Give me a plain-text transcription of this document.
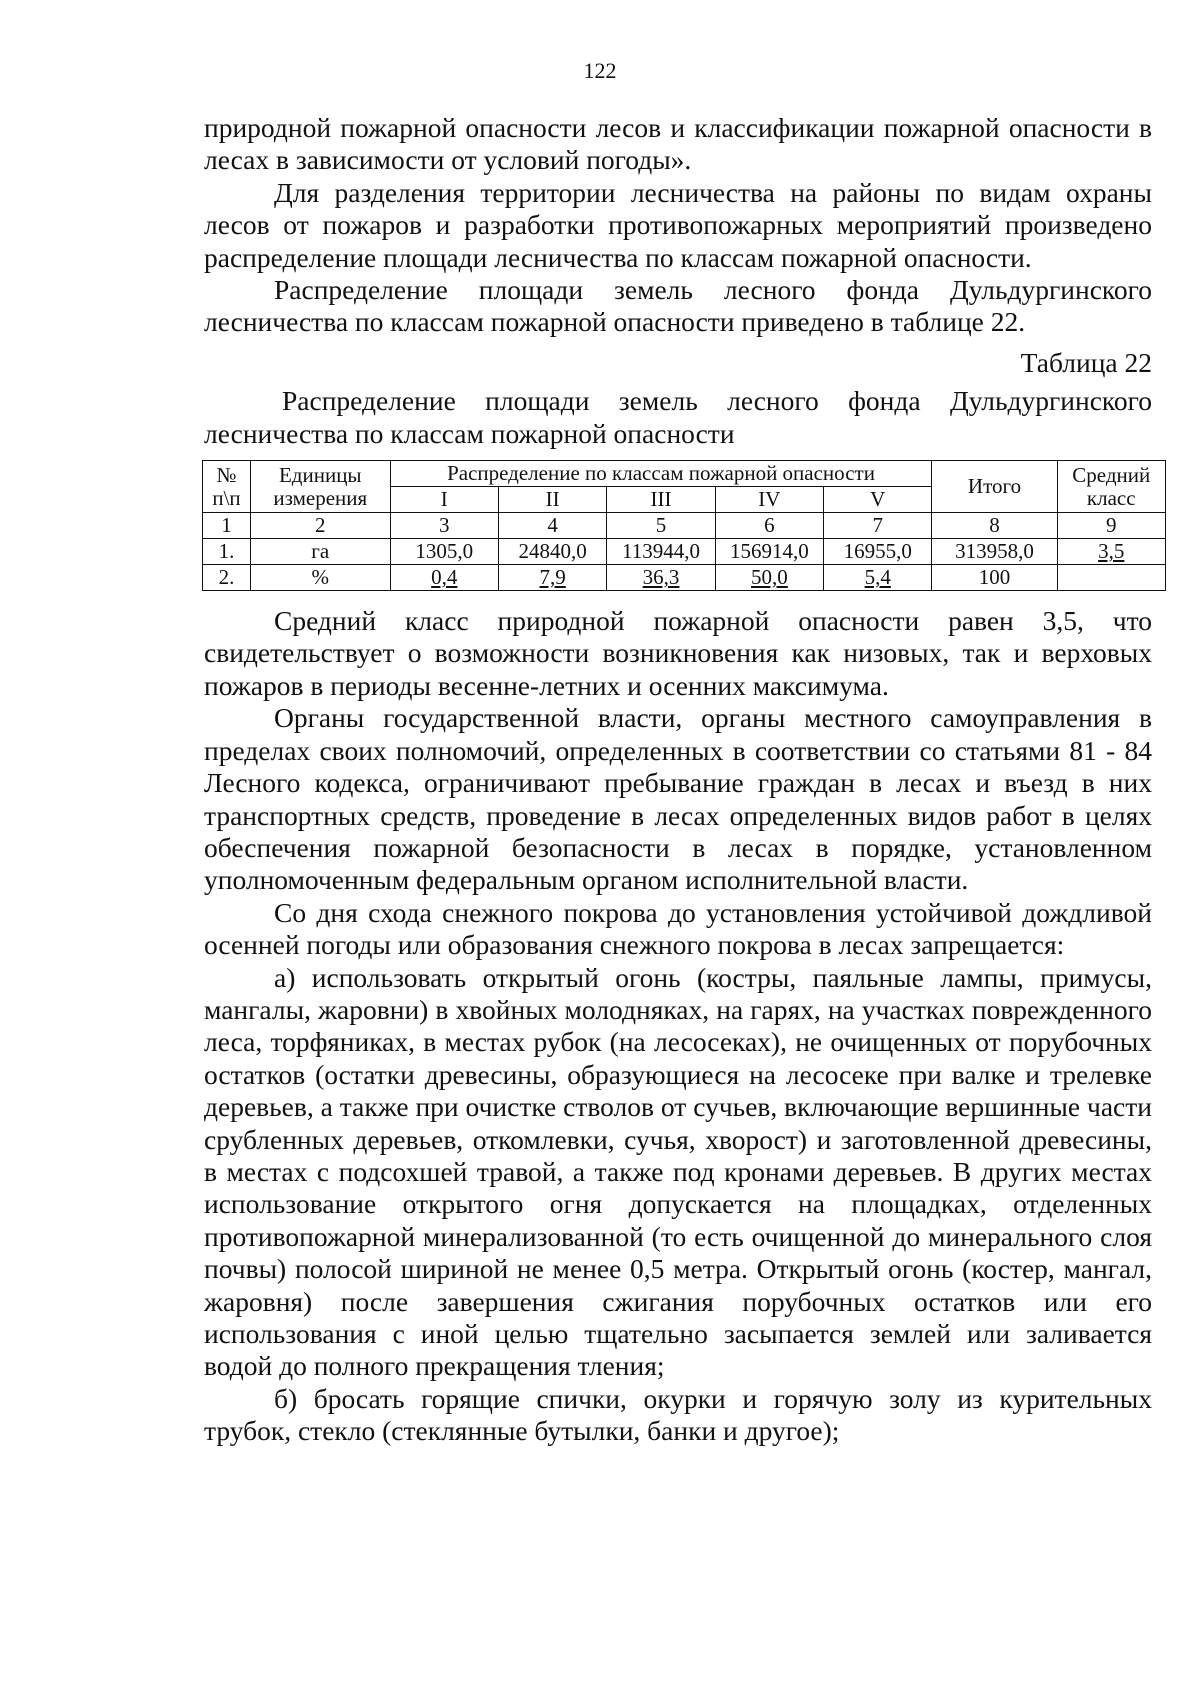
122

природной пожарной опасности лесов и классификации пожарной опасности в лесах в зависимости от условий погоды».

Для разделения территории лесничества на районы по видам охраны лесов от пожаров и разработки противопожарных мероприятий произведено распределение площади лесничества по классам пожарной опасности.

Распределение площади земель лесного фонда Дульдургинского лесничества по классам пожарной опасности приведено в таблице 22.

Таблица 22

Распределение площади земель лесного фонда Дульдургинского лесничества по классам пожарной опасности

№ п\п	Единицы измерения	Распределение по классам пожарной опасности					Итого	Средний класс
		I	II	III	IV	V		
1	2	3	4	5	6	7	8	9
1.	га	1305,0	24840,0	113944,0	156914,0	16955,0	313958,0	3,5
2.	%	0,4	7,9	36,3	50,0	5,4	100	

Средний класс природной пожарной опасности равен 3,5, что свидетельствует о возможности возникновения как низовых, так и верховых пожаров в периоды весенне-летних и осенних максимума.

Органы государственной власти, органы местного самоуправления в пределах своих полномочий, определенных в соответствии со статьями 81 - 84 Лесного кодекса, ограничивают пребывание граждан в лесах и въезд в них транспортных средств, проведение в лесах определенных видов работ в целях обеспечения пожарной безопасности в лесах в порядке, установленном уполномоченным федеральным органом исполнительной власти.

Со дня схода снежного покрова до установления устойчивой дождливой осенней погоды или образования снежного покрова в лесах запрещается:

а) использовать открытый огонь (костры, паяльные лампы, примусы, мангалы, жаровни) в хвойных молодняках, на гарях, на участках поврежденного леса, торфяниках, в местах рубок (на лесосеках), не очищенных от порубочных остатков (остатки древесины, образующиеся на лесосеке при валке и трелевке деревьев, а также при очистке стволов от сучьев, включающие вершинные части срубленных деревьев, откомлевки, сучья, хворост) и заготовленной древесины, в местах с подсохшей травой, а также под кронами деревьев. В других местах использование открытого огня допускается на площадках, отделенных противопожарной минерализованной (то есть очищенной до минерального слоя почвы) полосой шириной не менее 0,5 метра. Открытый огонь (костер, мангал, жаровня) после завершения сжигания порубочных остатков или его использования с иной целью тщательно засыпается землей или заливается водой до полного прекращения тления;

б) бросать горящие спички, окурки и горячую золу из курительных трубок, стекло (стеклянные бутылки, банки и другое);
